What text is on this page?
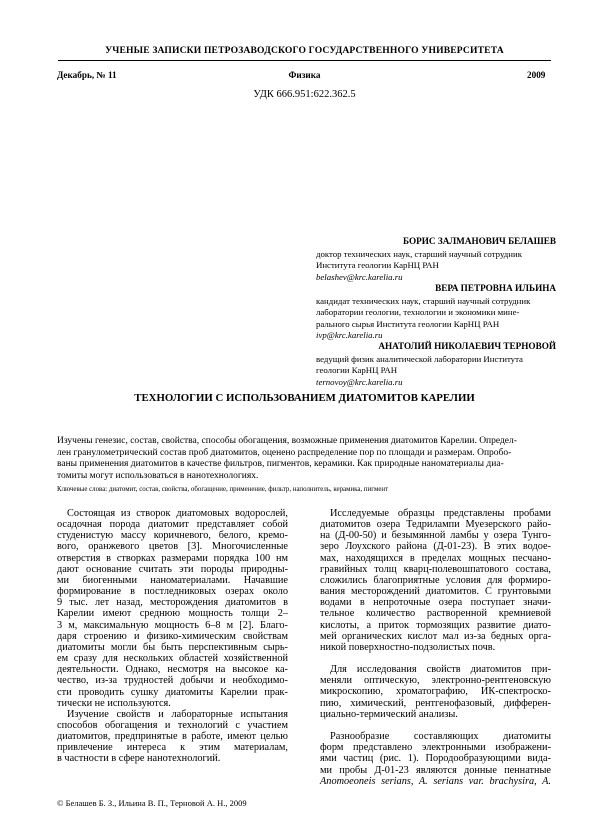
УЧЕНЫЕ ЗАПИСКИ ПЕТРОЗАВОДСКОГО ГОСУДАРСТВЕННОГО УНИВЕРСИТЕТА
Декабрь, № 11	Физика	2009
УДК 666.951:622.362.5
БОРИС ЗАЛМАНОВИЧ БЕЛАШЕВ
доктор технических наук, старший научный сотрудник
Института геологии КарНЦ РАН
belashev@krc.karelia.ru
ВЕРА ПЕТРОВНА ИЛЬИНА
кандидат технических наук, старший научный сотрудник
лаборатории геологии, технологии и экономики мине-
рального сырья Института геологии КарНЦ РАН
ivp@krc.karelia.ru
АНАТОЛИЙ НИКОЛАЕВИЧ ТЕРНОВОЙ
ведущий физик аналитической лаборатории Института
геологии КарНЦ РАН
ternovoy@krc.karelia.ru
ТЕХНОЛОГИИ С ИСПОЛЬЗОВАНИЕМ ДИАТОМИТОВ КАРЕЛИИ
Изучены генезис, состав, свойства, способы обогащения, возможные применения диатомитов Карелии. Определ-
лен гранулометрический состав проб диатомитов, оценено распределение пор по площади и размерам. Опробо-
ваны применения диатомитов в качестве фильтров, пигментов, керамики. Как природные наноматериалы диа-
томиты могут использоваться в нанотехнологиях.
Ключевые слова: диатомит, состав, свойства, обогащение, применение, фильтр, наполнитель, керамика, пигмент
Состоящая из створок диатомовых водорослей,
осадочная порода диатомит представляет собой
студенистую массу коричневого, белого, кремо-
вого, оранжевого цветов [3]. Многочисленные
отверстия в створках размерами порядка 100 нм
дают основание считать эти породы природны-
ми биогенными наноматериалами. Начавшие
формирование в постледниковых озерах около
9 тыс. лет назад, месторождения диатомитов в
Карелии имеют среднюю мощность толщи 2–
3 м, максимальную мощность 6–8 м [2]. Благо-
даря строению и физико-химическим свойствам
диатомиты могли бы быть перспективным сырь-
ем сразу для нескольких областей хозяйственной
деятельности. Однако, несмотря на высокое ка-
чество, из-за трудностей добычи и необходимо-
сти проводить сушку диатомиты Карелии прак-
тически не используются.
Изучение свойств и лабораторные испытания
способов обогащения и технологий с участием
диатомитов, предпринятые в работе, имеют целью
привлечение интереса к этим материалам,
в частности в сфере нанотехнологий.
Исследуемые образцы представлены пробами
диатомитов озера Тедрилампи Муезерского райо-
на (Д-00-50) и безымянной ламбы у озера Тунго-
зеро Лоухского района (Д-01-23). В этих водое-
мах, находящихся в пределах мощных песчано-
гравийных толщ кварц-полевошпатового состава,
сложились благоприятные условия для формиро-
вания месторождений диатомитов. С грунтовыми
водами в непроточные озера поступает значи-
тельное количество растворенной кремниевой
кислоты, а приток тормозящих развитие диато-
мей органических кислот мал из-за бедных орга-
никой поверхностно-подзолистых почв.
Для исследования свойств диатомитов при-
меняли оптическую, электронно-рентгеновскую
микроскопию, хроматографию, ИК-спектроско-
пию, химический, рентгенофазовый, дифферен-
циально-термический анализы.
Разнообразие составляющих диатомиты
форм представлено электронными изображени-
ями частиц (рис. 1). Породообразующими вида-
ми пробы Д-01-23 являются донные пеннатные
Anomoeoneis serians, A. serians var. brachysira, A.
© Белашев Б. З., Ильина В. П., Терновой А. Н., 2009
